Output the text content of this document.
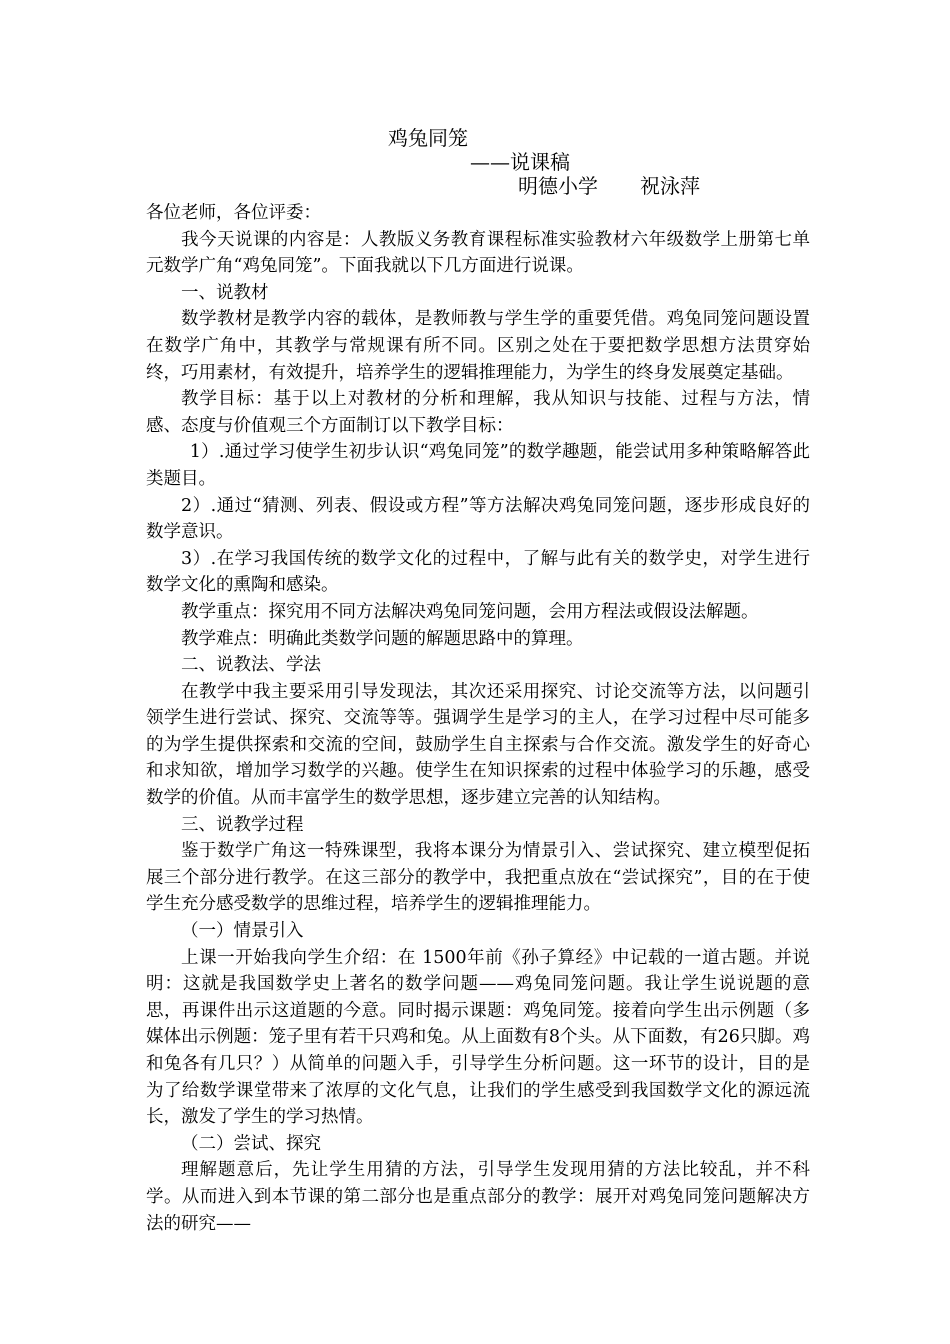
鸡兔同笼
——说课稿
明德小学 祝泳萍

各位老师，各位评委：

我今天说课的内容是：人教版义务教育课程标准实验教材六年级数学上册第七单元数学广角“鸡兔同笼”。下面我就以下几方面进行说课。

一、说教材

数学教材是教学内容的载体，是教师教与学生学的重要凭借。鸡兔同笼问题设置在数学广角中，其教学与常规课有所不同。区别之处在于要把数学思想方法贯穿始终，巧用素材，有效提升，培养学生的逻辑推理能力，为学生的终身发展奠定基础。

教学目标：基于以上对教材的分析和理解，我从知识与技能、过程与方法，情感、态度与价值观三个方面制订以下教学目标：

1）.通过学习使学生初步认识“鸡兔同笼”的数学趣题，能尝试用多种策略解答此类题目。

2）.通过“猜测、列表、假设或方程”等方法解决鸡兔同笼问题，逐步形成良好的数学意识。

3）.在学习我国传统的数学文化的过程中，了解与此有关的数学史，对学生进行数学文化的熏陶和感染。

教学重点：探究用不同方法解决鸡兔同笼问题，会用方程法或假设法解题。

教学难点：明确此类数学问题的解题思路中的算理。

二、说教法、学法

在教学中我主要采用引导发现法，其次还采用探究、讨论交流等方法，以问题引领学生进行尝试、探究、交流等等。强调学生是学习的主人，在学习过程中尽可能多的为学生提供探索和交流的空间，鼓励学生自主探索与合作交流。激发学生的好奇心和求知欲，增加学习数学的兴趣。使学生在知识探索的过程中体验学习的乐趣，感受数学的价值。从而丰富学生的数学思想，逐步建立完善的认知结构。

三、说教学过程

鉴于数学广角这一特殊课型，我将本课分为情景引入、尝试探究、建立模型促拓展三个部分进行教学。在这三部分的教学中，我把重点放在“尝试探究”，目的在于使学生充分感受数学的思维过程，培养学生的逻辑推理能力。

（一）情景引入

上课一开始我向学生介绍：在 1500年前《孙子算经》中记载的一道古题。并说明：这就是我国数学史上著名的数学问题——鸡兔同笼问题。我让学生说说题的意思，再课件出示这道题的今意。同时揭示课题：鸡兔同笼。接着向学生出示例题（多媒体出示例题：笼子里有若干只鸡和兔。从上面数有8个头。从下面数，有26只脚。鸡和兔各有几只？）从简单的问题入手，引导学生分析问题。这一环节的设计，目的是为了给数学课堂带来了浓厚的文化气息，让我们的学生感受到我国数学文化的源远流长，激发了学生的学习热情。

（二）尝试、探究

理解题意后，先让学生用猜的方法，引导学生发现用猜的方法比较乱，并不科学。从而进入到本节课的第二部分也是重点部分的教学：展开对鸡兔同笼问题解决方法的研究——
